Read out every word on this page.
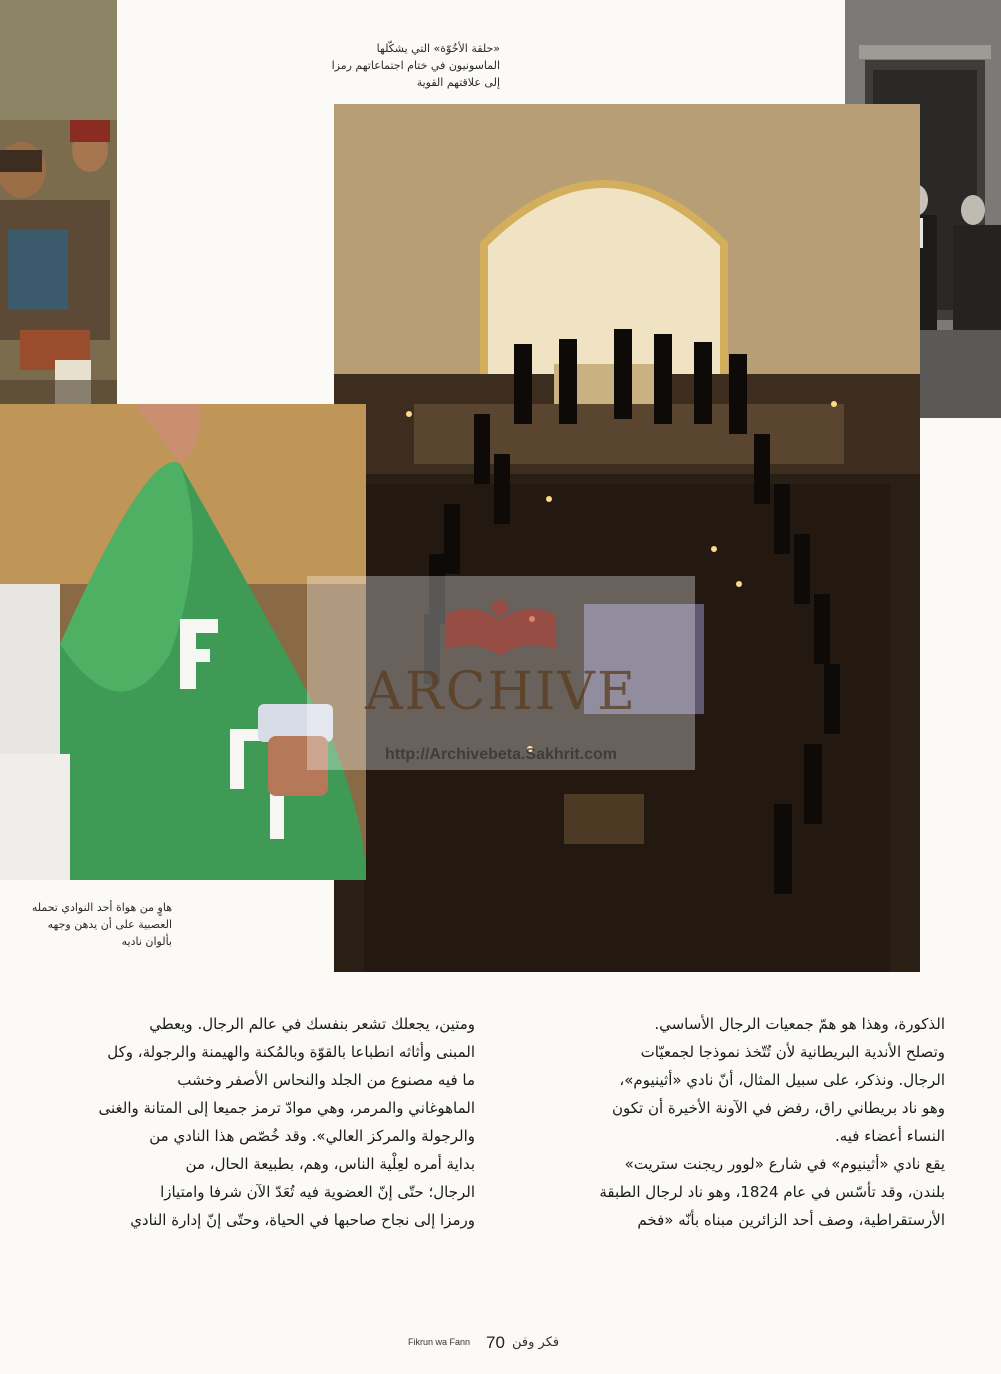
ARCHIVE
http://Archivebeta.Sakhrit.com
«حلقة الأخُوّة» التي يشكّلها
الماسونيون في ختام اجتماعاتهم رمزا
إلى علاقتهم القوية
هاوٍ من هواة أحد النوادي تحمله
العصبية على أن يدهن وجهه
بألوان ناديه

الذكورة، وهذا هو همّ جمعيات الرجال الأساسي.

وتصلح الأندية البريطانية لأن تُتّخذ نموذجا لجمعيّات

الرجال. ونذكر، على سبيل المثال، أنّ نادي «أثينيوم»،

وهو ناد بريطاني راق، رفض في الآونة الأخيرة أن تكون

النساء أعضاء فيه.

يقع نادي «أثينيوم» في شارع «لوور ريجنت ستريت»

بلندن، وقد تأسّس في عام 1824، وهو ناد لرجال الطبقة

الأرستقراطية، وصف أحد الزائرين مبناه بأنّه «فخم

ومتين، يجعلك تشعر بنفسك في عالم الرجال. ويعطي

المبنى وأثاثه انطباعا بالقوّة وبالمُكنة والهيمنة والرجولة، وكل

ما فيه مصنوع من الجلد والنحاس الأصفر وخشب

الماهوغاني والمرمر، وهي موادّ ترمز جميعا إلى المتانة والغنى

والرجولة والمركز العالي». وقد خُصّص هذا النادي من

بداية أمره لعِلْية الناس، وهم، بطبيعة الحال، من

الرجال؛ حتّى إنّ العضوية فيه تُعَدّ الآن شرفا وامتيازا

ورمزا إلى نجاح صاحبها في الحياة، وحتّى إنّ إدارة النادي

Fikrun wa Fann 70 فكر وفن
